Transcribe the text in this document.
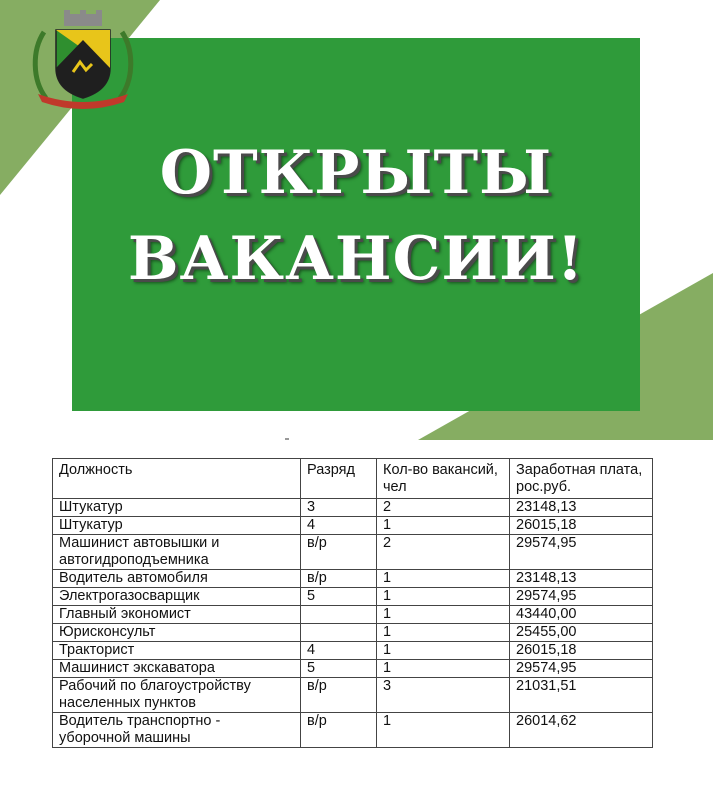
ОТКРЫТЫ
ВАКАНСИИ!
Должность	Разряд	Кол-во вакансий, чел	Заработная плата, рос.руб.
Штукатур	3	2	23148,13
Штукатур	4	1	26015,18
Машинист автовышки и автогидроподъемника	в/р	2	29574,95
Водитель автомобиля	в/р	1	23148,13
Электрогазосварщик	5	1	29574,95
Главный экономист		1	43440,00
Юрисконсульт		1	25455,00
Тракторист	4	1	26015,18
Машинист экскаватора	5	1	29574,95
Рабочий по благоустройству населенных пунктов	в/р	3	21031,51
Водитель транспортно - уборочной машины	в/р	1	26014,62
